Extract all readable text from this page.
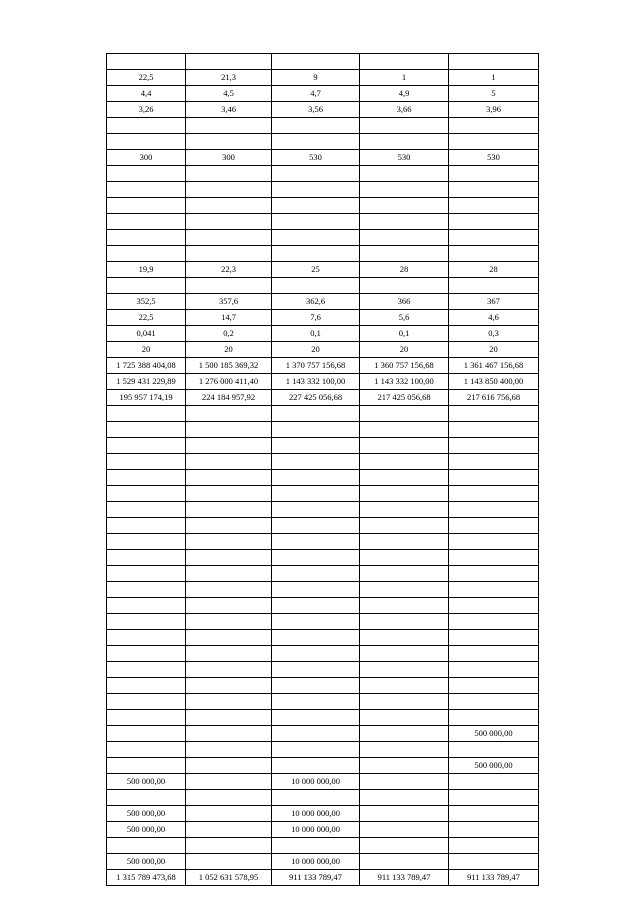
22,5	21,3	9	1	1
4,4	4,5	4,7	4,9	5
3,26	3,46	3,56	3,66	3,96

300	300	530	530	530

19,9	22,3	25	28	28

352,5	357,6	362,6	366	367
22,5	14,7	7,6	5,6	4,6
0,041	0,2	0,1	0,1	0,3
20	20	20	20	20
1 725 388 404,08	1 500 185 369,32	1 370 757 156,68	1 360 757 156,68	1 361 467 156,68
1 529 431 229,89	1 276 000 411,40	1 143 332 100,00	1 143 332 100,00	1 143 850 400,00
195 957 174,19	224 184 957,92	227 425 056,68	217 425 056,68	217 616 756,68

				500 000,00

				500 000,00
500 000,00		10 000 000,00		

500 000,00		10 000 000,00		
500 000,00		10 000 000,00		

500 000,00		10 000 000,00		
1 315 789 473,68	1 052 631 578,95	911 133 789,47	911 133 789,47	911 133 789,47
